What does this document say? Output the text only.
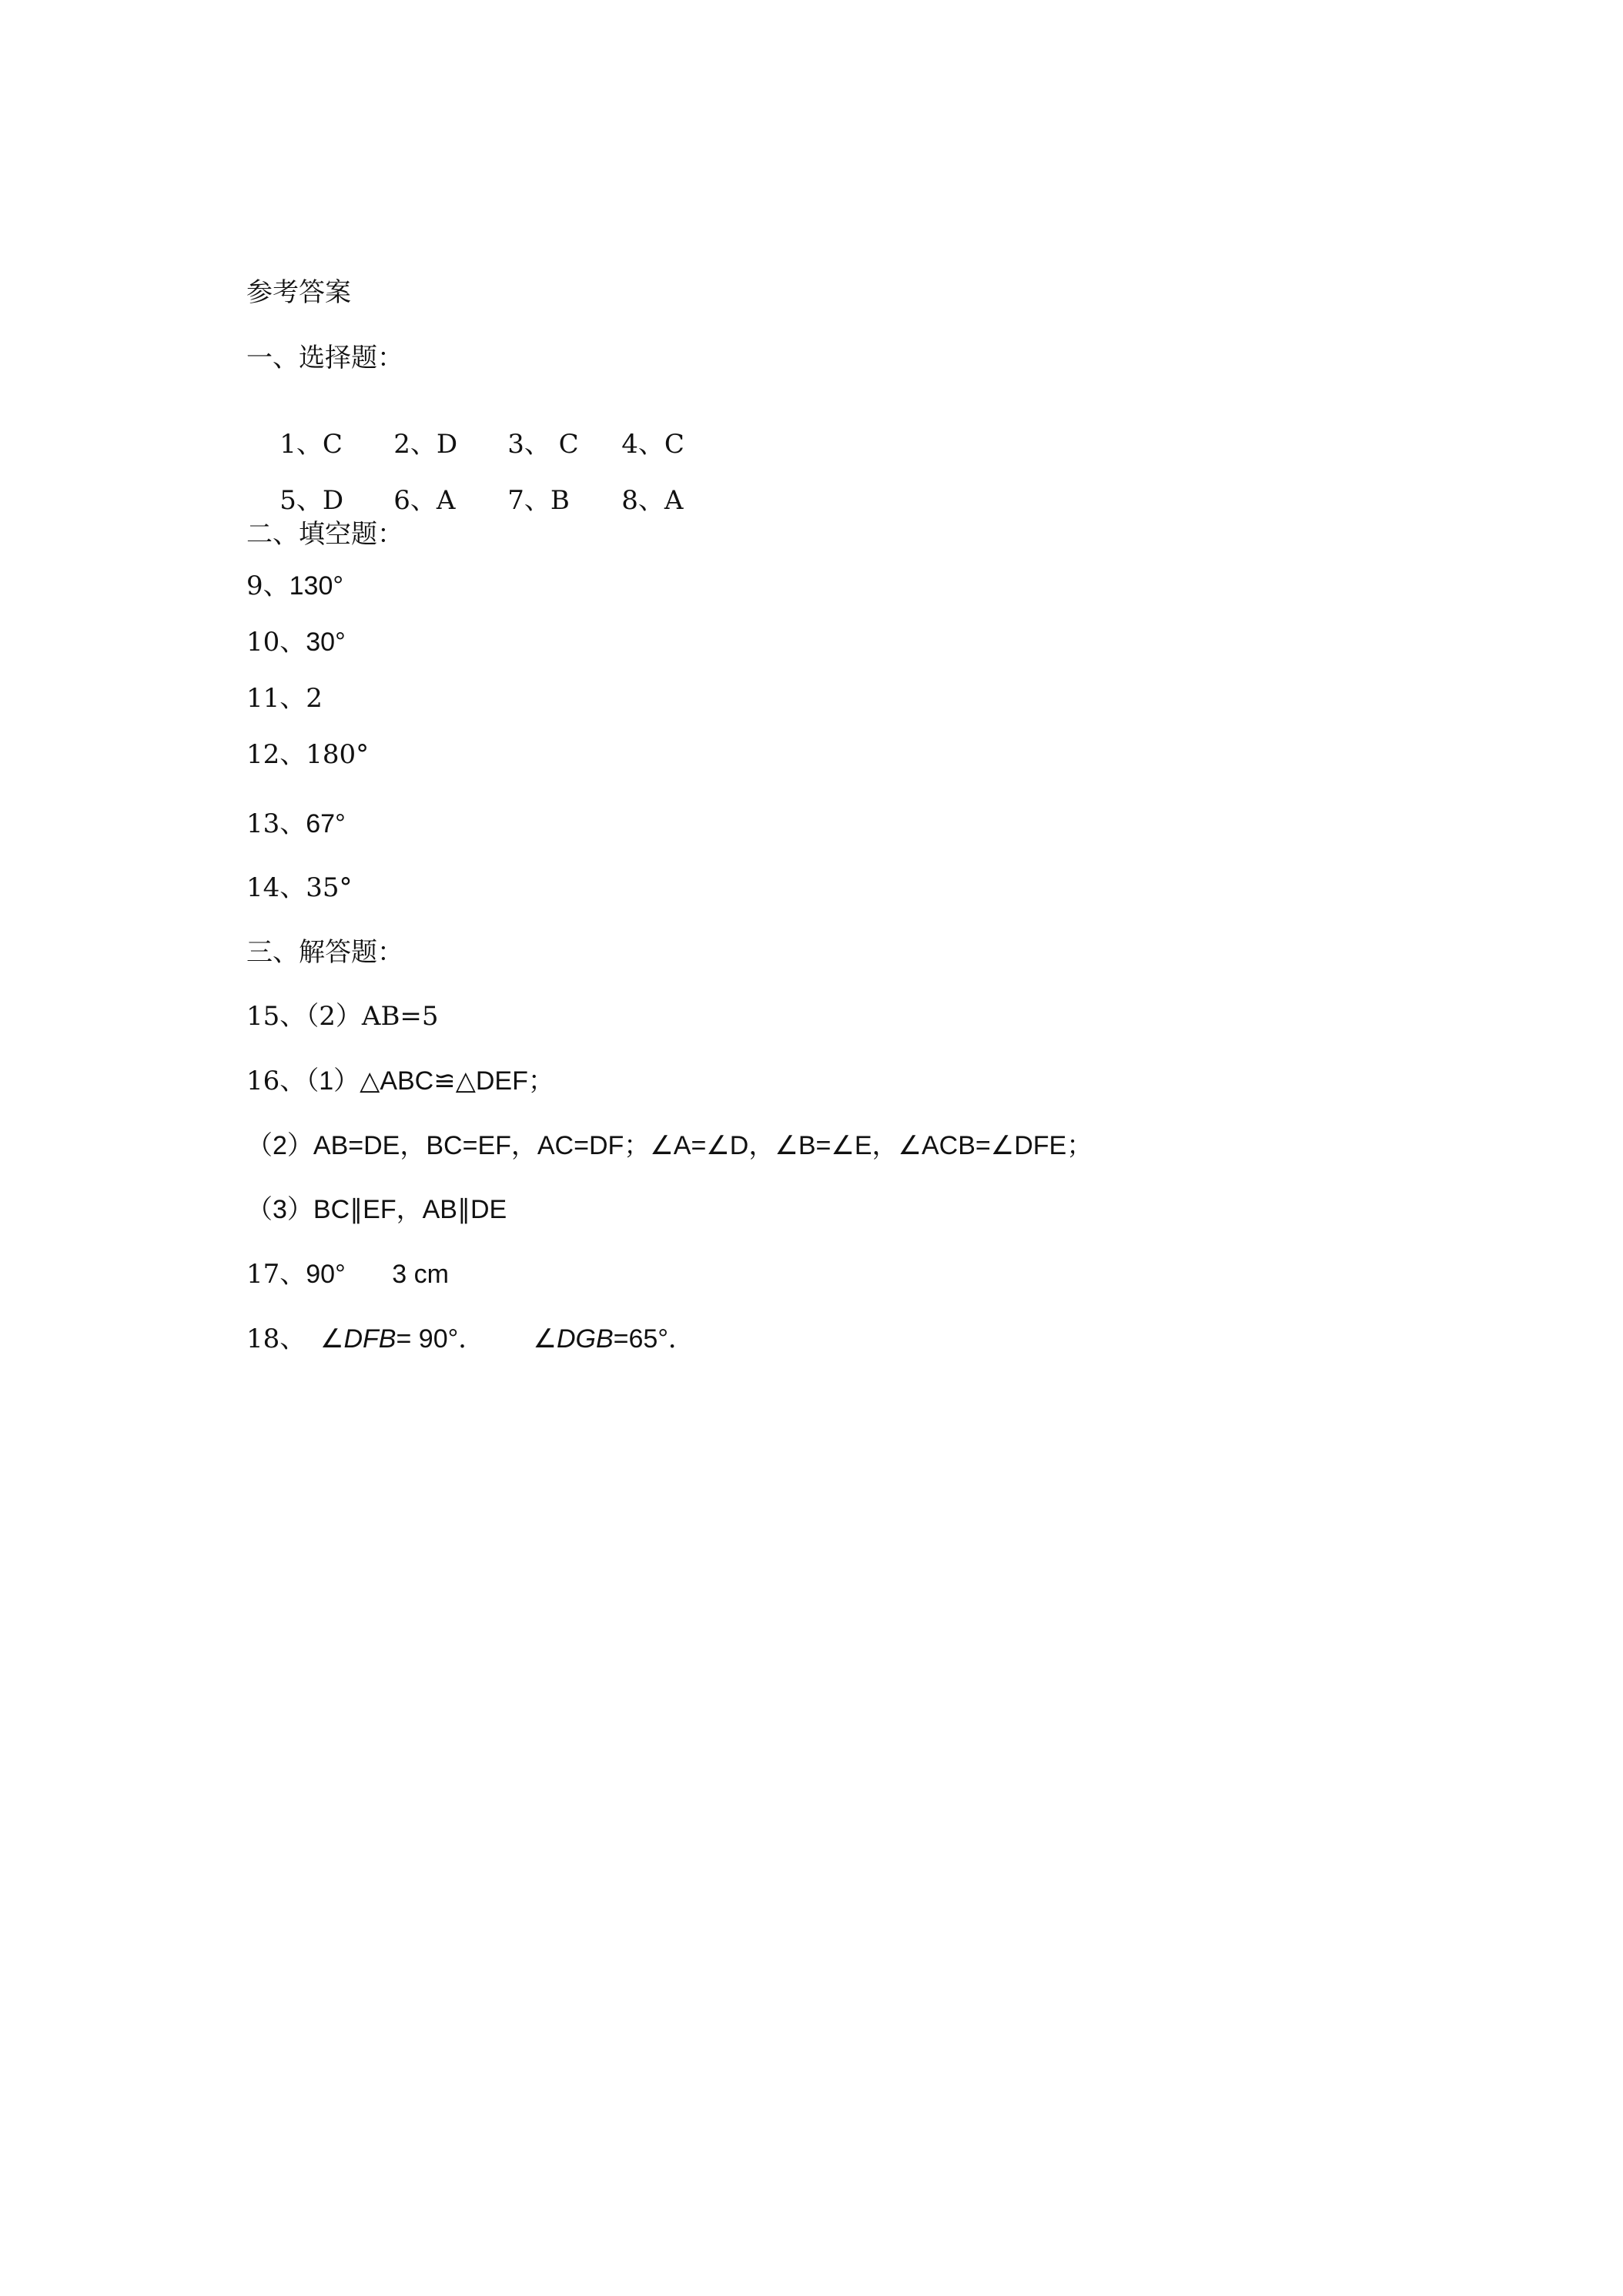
参考答案
一、选择题：

1、C 2、D 3、 C 4、C

5、D 6、A 7、B 8、A

二、填空题：
9、130°
10、30°
11、2
12、180°
13、67°
14、35°
三、解答题：
15、（2）AB=5
16、（1）△ABC≌△DEF；
（2）AB=DE，BC=EF，AC=DF；∠A=∠D，∠B=∠E，∠ACB=∠DFE；
（3）BC∥EF，AB∥DE
17、90° 3 cm
18、 ∠DFB= 90°． ∠DGB=65°．
